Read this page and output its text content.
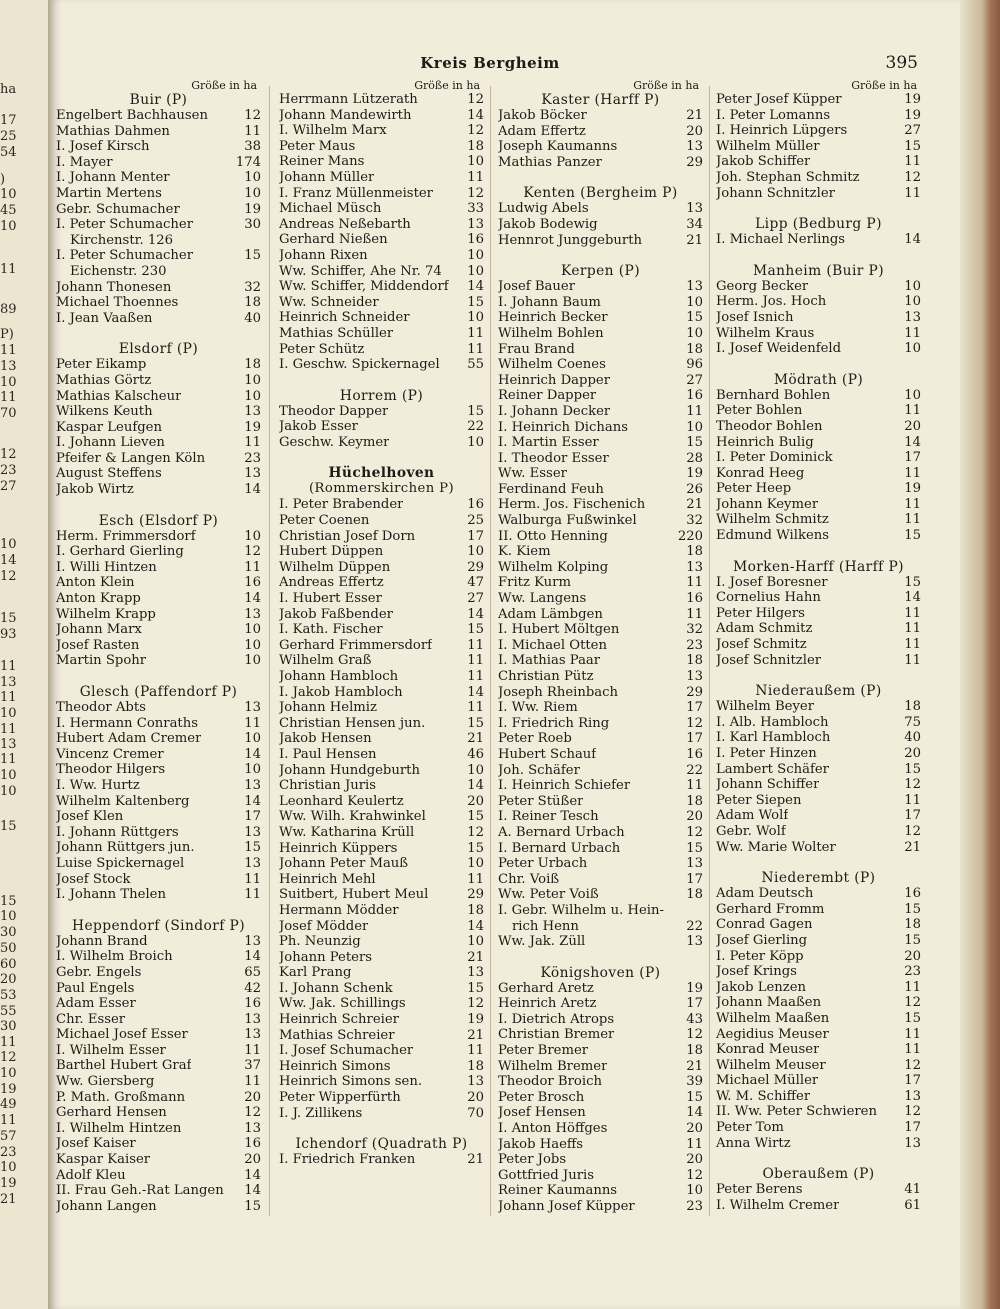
ha
17
25
54
)
10
45
10
11
89
P)
11
13
10
11
70
12
23
27
10
14
12
15
93
11
13
11
10
11
13
11
10
10
15
15
10
30
50
60
20
53
55
30
11
12
10
19
49
11
57
23
10
19
21
Kreis Bergheim	395
Größe in ha
Buir (P)
Engelbert Bachhausen	12
Mathias Dahmen	11
I. Josef Kirsch	38
I. Mayer	174
I. Johann Menter	10
Martin Mertens	10
Gebr. Schumacher	19
I. Peter Schumacher	30
Kirchenstr. 126
I. Peter Schumacher	15
Eichenstr. 230
Johann Thonesen	32
Michael Thoennes	18
I. Jean Vaaßen	40
Elsdorf (P)
Peter Eikamp	18
Mathias Görtz	10
Mathias Kalscheur	10
Wilkens Keuth	13
Kaspar Leufgen	19
I. Johann Lieven	11
Pfeifer & Langen Köln	23
August Steffens	13
Jakob Wirtz	14
Esch (Elsdorf P)
Herm. Frimmersdorf	10
I. Gerhard Gierling	12
I. Willi Hintzen	11
Anton Klein	16
Anton Krapp	14
Wilhelm Krapp	13
Johann Marx	10
Josef Rasten	10
Martin Spohr	10
Glesch (Paffendorf P)
Theodor Abts	13
I. Hermann Conraths	11
Hubert Adam Cremer	10
Vincenz Cremer	14
Theodor Hilgers	10
I. Ww. Hurtz	13
Wilhelm Kaltenberg	14
Josef Klen	17
I. Johann Rüttgers	13
Johann Rüttgers jun.	15
Luise Spickernagel	13
Josef Stock	11
I. Johann Thelen	11
Heppendorf (Sindorf P)
Johann Brand	13
I. Wilhelm Broich	14
Gebr. Engels	65
Paul Engels	42
Adam Esser	16
Chr. Esser	13
Michael Josef Esser	13
I. Wilhelm Esser	11
Barthel Hubert Graf	37
Ww. Giersberg	11
P. Math. Großmann	20
Gerhard Hensen	12
I. Wilhelm Hintzen	13
Josef Kaiser	16
Kaspar Kaiser	20
Adolf Kleu	14
II. Frau Geh.-Rat Langen	14
Johann Langen	15
Größe in ha
Herrmann Lützerath	12
Johann Mandewirth	14
I. Wilhelm Marx	12
Peter Maus	18
Reiner Mans	10
Johann Müller	11
I. Franz Müllenmeister	12
Michael Müsch	33
Andreas Neßebarth	13
Gerhard Nießen	16
Johann Rixen	10
Ww. Schiffer, Ahe Nr. 74	10
Ww. Schiffer, Middendorf	14
Ww. Schneider	15
Heinrich Schneider	10
Mathias Schüller	11
Peter Schütz	11
I. Geschw. Spickernagel	55
Horrem (P)
Theodor Dapper	15
Jakob Esser	22
Geschw. Keymer	10
Hüchelhoven
(Rommerskirchen P)
I. Peter Brabender	16
Peter Coenen	25
Christian Josef Dorn	17
Hubert Düppen	10
Wilhelm Düppen	29
Andreas Effertz	47
I. Hubert Esser	27
Jakob Faßbender	14
I. Kath. Fischer	15
Gerhard Frimmersdorf	11
Wilhelm Graß	11
Johann Hambloch	11
I. Jakob Hambloch	14
Johann Helmiz	11
Christian Hensen jun.	15
Jakob Hensen	21
I. Paul Hensen	46
Johann Hundgeburth	10
Christian Juris	14
Leonhard Keulertz	20
Ww. Wilh. Krahwinkel	15
Ww. Katharina Krüll	12
Heinrich Küppers	15
Johann Peter Mauß	10
Heinrich Mehl	11
Suitbert, Hubert Meul	29
Hermann Mödder	18
Josef Mödder	14
Ph. Neunzig	10
Johann Peters	21
Karl Prang	13
I. Johann Schenk	15
Ww. Jak. Schillings	12
Heinrich Schreier	19
Mathias Schreier	21
I. Josef Schumacher	11
Heinrich Simons	18
Heinrich Simons sen.	13
Peter Wipperfürth	20
I. J. Zillikens	70
Ichendorf (Quadrath P)
I. Friedrich Franken	21
Größe in ha
Kaster (Harff P)
Jakob Böcker	21
Adam Effertz	20
Joseph Kaumanns	13
Mathias Panzer	29
Kenten (Bergheim P)
Ludwig Abels	13
Jakob Bodewig	34
Hennrot Junggeburth	21
Kerpen (P)
Josef Bauer	13
I. Johann Baum	10
Heinrich Becker	15
Wilhelm Bohlen	10
Frau Brand	18
Wilhelm Coenes	96
Heinrich Dapper	27
Reiner Dapper	16
I. Johann Decker	11
I. Heinrich Dichans	10
I. Martin Esser	15
I. Theodor Esser	28
Ww. Esser	19
Ferdinand Feuh	26
Herm. Jos. Fischenich	21
Walburga Fußwinkel	32
II. Otto Henning	220
K. Kiem	18
Wilhelm Kolping	13
Fritz Kurm	11
Ww. Langens	16
Adam Lämbgen	11
I. Hubert Möltgen	32
I. Michael Otten	23
I. Mathias Paar	18
Christian Pütz	13
Joseph Rheinbach	29
I. Ww. Riem	17
I. Friedrich Ring	12
Peter Roeb	17
Hubert Schauf	16
Joh. Schäfer	22
I. Heinrich Schiefer	11
Peter Stüßer	18
I. Reiner Tesch	20
A. Bernard Urbach	12
I. Bernard Urbach	15
Peter Urbach	13
Chr. Voiß	17
Ww. Peter Voiß	18
I. Gebr. Wilhelm u. Hein-
rich Henn	22
Ww. Jak. Züll	13
Königshoven (P)
Gerhard Aretz	19
Heinrich Aretz	17
I. Dietrich Atrops	43
Christian Bremer	12
Peter Bremer	18
Wilhelm Bremer	21
Theodor Broich	39
Peter Brosch	15
Josef Hensen	14
I. Anton Höffges	20
Jakob Haeffs	11
Peter Jobs	20
Gottfried Juris	12
Reiner Kaumanns	10
Johann Josef Küpper	23
Größe in ha
Peter Josef Küpper	19
I. Peter Lomanns	19
I. Heinrich Lüpgers	27
Wilhelm Müller	15
Jakob Schiffer	11
Joh. Stephan Schmitz	12
Johann Schnitzler	11
Lipp (Bedburg P)
I. Michael Nerlings	14
Manheim (Buir P)
Georg Becker	10
Herm. Jos. Hoch	10
Josef Isnich	13
Wilhelm Kraus	11
I. Josef Weidenfeld	10
Mödrath (P)
Bernhard Bohlen	10
Peter Bohlen	11
Theodor Bohlen	20
Heinrich Bulig	14
I. Peter Dominick	17
Konrad Heeg	11
Peter Heep	19
Johann Keymer	11
Wilhelm Schmitz	11
Edmund Wilkens	15
Morken-Harff (Harff P)
I. Josef Boresner	15
Cornelius Hahn	14
Peter Hilgers	11
Adam Schmitz	11
Josef Schmitz	11
Josef Schnitzler	11
Niederaußem (P)
Wilhelm Beyer	18
I. Alb. Hambloch	75
I. Karl Hambloch	40
I. Peter Hinzen	20
Lambert Schäfer	15
Johann Schiffer	12
Peter Siepen	11
Adam Wolf	17
Gebr. Wolf	12
Ww. Marie Wolter	21
Niederembt (P)
Adam Deutsch	16
Gerhard Fromm	15
Conrad Gagen	18
Josef Gierling	15
I. Peter Köpp	20
Josef Krings	23
Jakob Lenzen	11
Johann Maaßen	12
Wilhelm Maaßen	15
Aegidius Meuser	11
Konrad Meuser	11
Wilhelm Meuser	12
Michael Müller	17
W. M. Schiffer	13
II. Ww. Peter Schwieren	12
Peter Tom	17
Anna Wirtz	13
Oberaußem (P)
Peter Berens	41
I. Wilhelm Cremer	61
